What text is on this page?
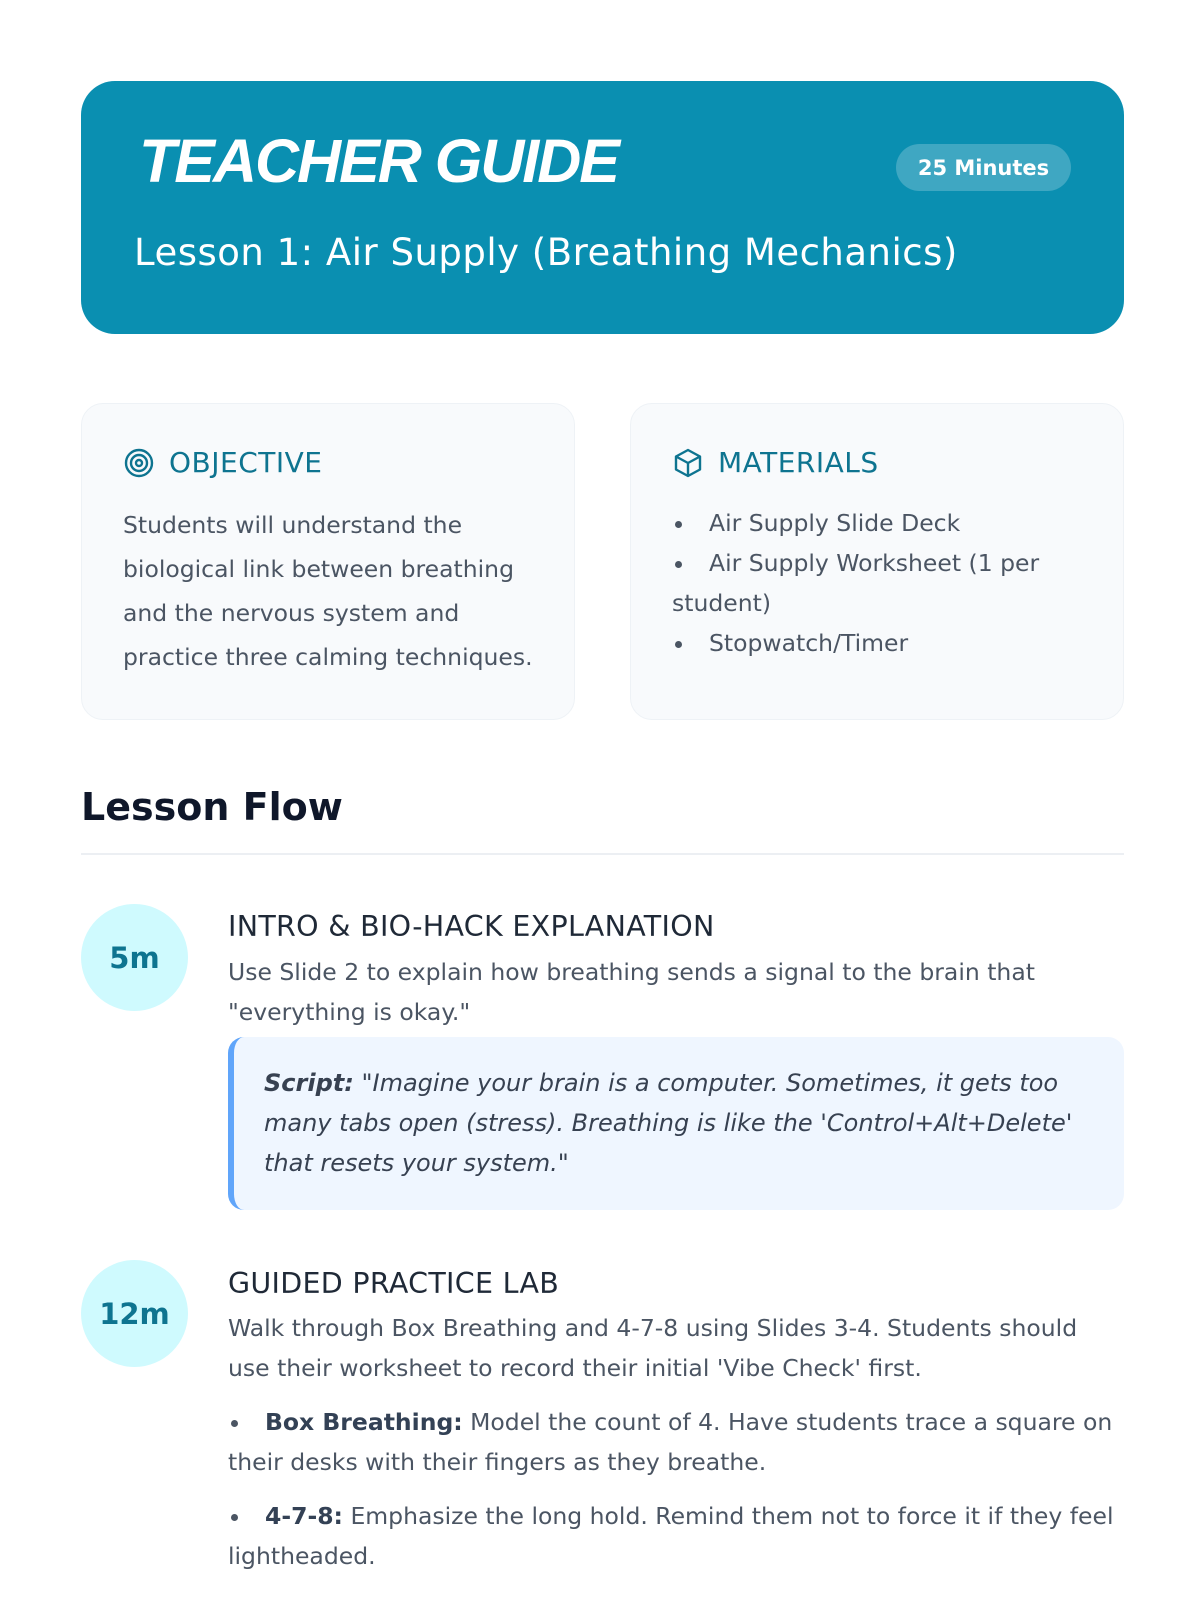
TEACHER GUIDE	25 Minutes
Lesson 1: Air Supply (Breathing Mechanics)
OBJECTIVE
Students will understand the biological link between breathing and the nervous system and practice three calming techniques.
MATERIALS
Air Supply Slide Deck
Air Supply Worksheet (1 per student)
Stopwatch/Timer
Lesson Flow
5m
INTRO & BIO-HACK EXPLANATION
Use Slide 2 to explain how breathing sends a signal to the brain that "everything is okay."
Script: "Imagine your brain is a computer. Sometimes, it gets too many tabs open (stress). Breathing is like the 'Control+Alt+Delete' that resets your system."
12m
GUIDED PRACTICE LAB
Walk through Box Breathing and 4-7-8 using Slides 3-4. Students should use their worksheet to record their initial 'Vibe Check' first.
Box Breathing: Model the count of 4. Have students trace a square on their desks with their fingers as they breathe.
4-7-8: Emphasize the long hold. Remind them not to force it if they feel lightheaded.
